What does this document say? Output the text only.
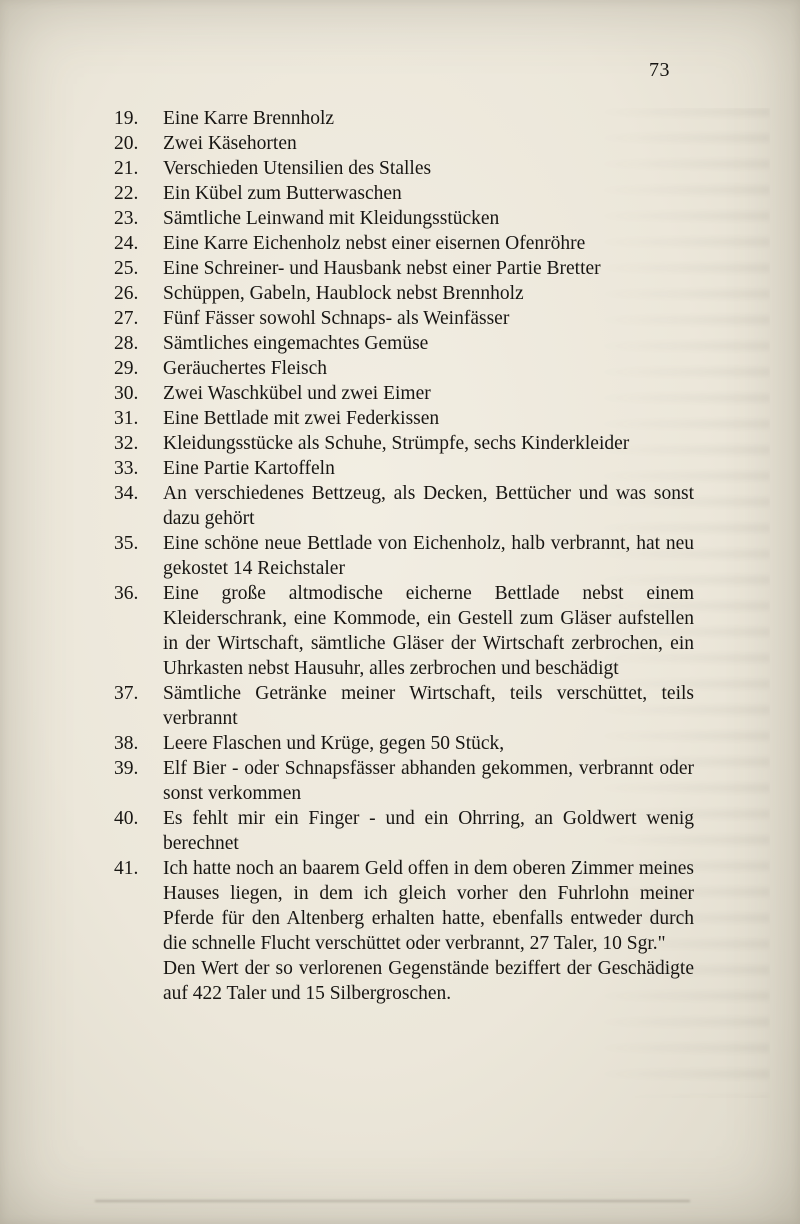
73
19.	Eine Karre Brennholz
20.	Zwei Käsehorten
21.	Verschieden Utensilien des Stalles
22.	Ein Kübel zum Butterwaschen
23.	Sämtliche Leinwand mit Kleidungsstücken
24.	Eine Karre Eichenholz nebst einer eisernen Ofenröhre
25.	Eine Schreiner- und Hausbank nebst einer Partie Bretter
26.	Schüppen, Gabeln, Haublock nebst Brennholz
27.	Fünf Fässer sowohl Schnaps- als Weinfässer
28.	Sämtliches eingemachtes Gemüse
29.	Geräuchertes Fleisch
30.	Zwei Waschkübel und zwei Eimer
31.	Eine Bettlade mit zwei Federkissen
32.	Kleidungsstücke als Schuhe, Strümpfe, sechs Kinderkleider
33.	Eine Partie Kartoffeln
34.	An verschiedenes Bettzeug, als Decken, Bettücher und was sonst dazu gehört
35.	Eine schöne neue Bettlade von Eichenholz, halb verbrannt, hat neu gekostet 14 Reichstaler
36.	Eine große altmodische eicherne Bettlade nebst einem Kleiderschrank, eine Kommode, ein Gestell zum Gläser aufstellen in der Wirtschaft, sämtliche Gläser der Wirtschaft zerbrochen, ein Uhrkasten nebst Hausuhr, alles zerbrochen und beschädigt
37.	Sämtliche Getränke meiner Wirtschaft, teils verschüttet, teils verbrannt
38.	Leere Flaschen und Krüge, gegen 50 Stück,
39.	Elf Bier - oder Schnapsfässer abhanden gekommen, verbrannt oder sonst verkommen
40.	Es fehlt mir ein Finger - und ein Ohrring, an Goldwert wenig berechnet
41.	Ich hatte noch an baarem Geld offen in dem oberen Zimmer meines Hauses liegen, in dem ich gleich vorher den Fuhrlohn meiner Pferde für den Altenberg erhalten hatte, ebenfalls entweder durch die schnelle Flucht verschüttet oder verbrannt, 27 Taler, 10 Sgr."
Den Wert der so verlorenen Gegenstände beziffert der Geschädigte auf 422 Taler und 15 Silbergroschen.
